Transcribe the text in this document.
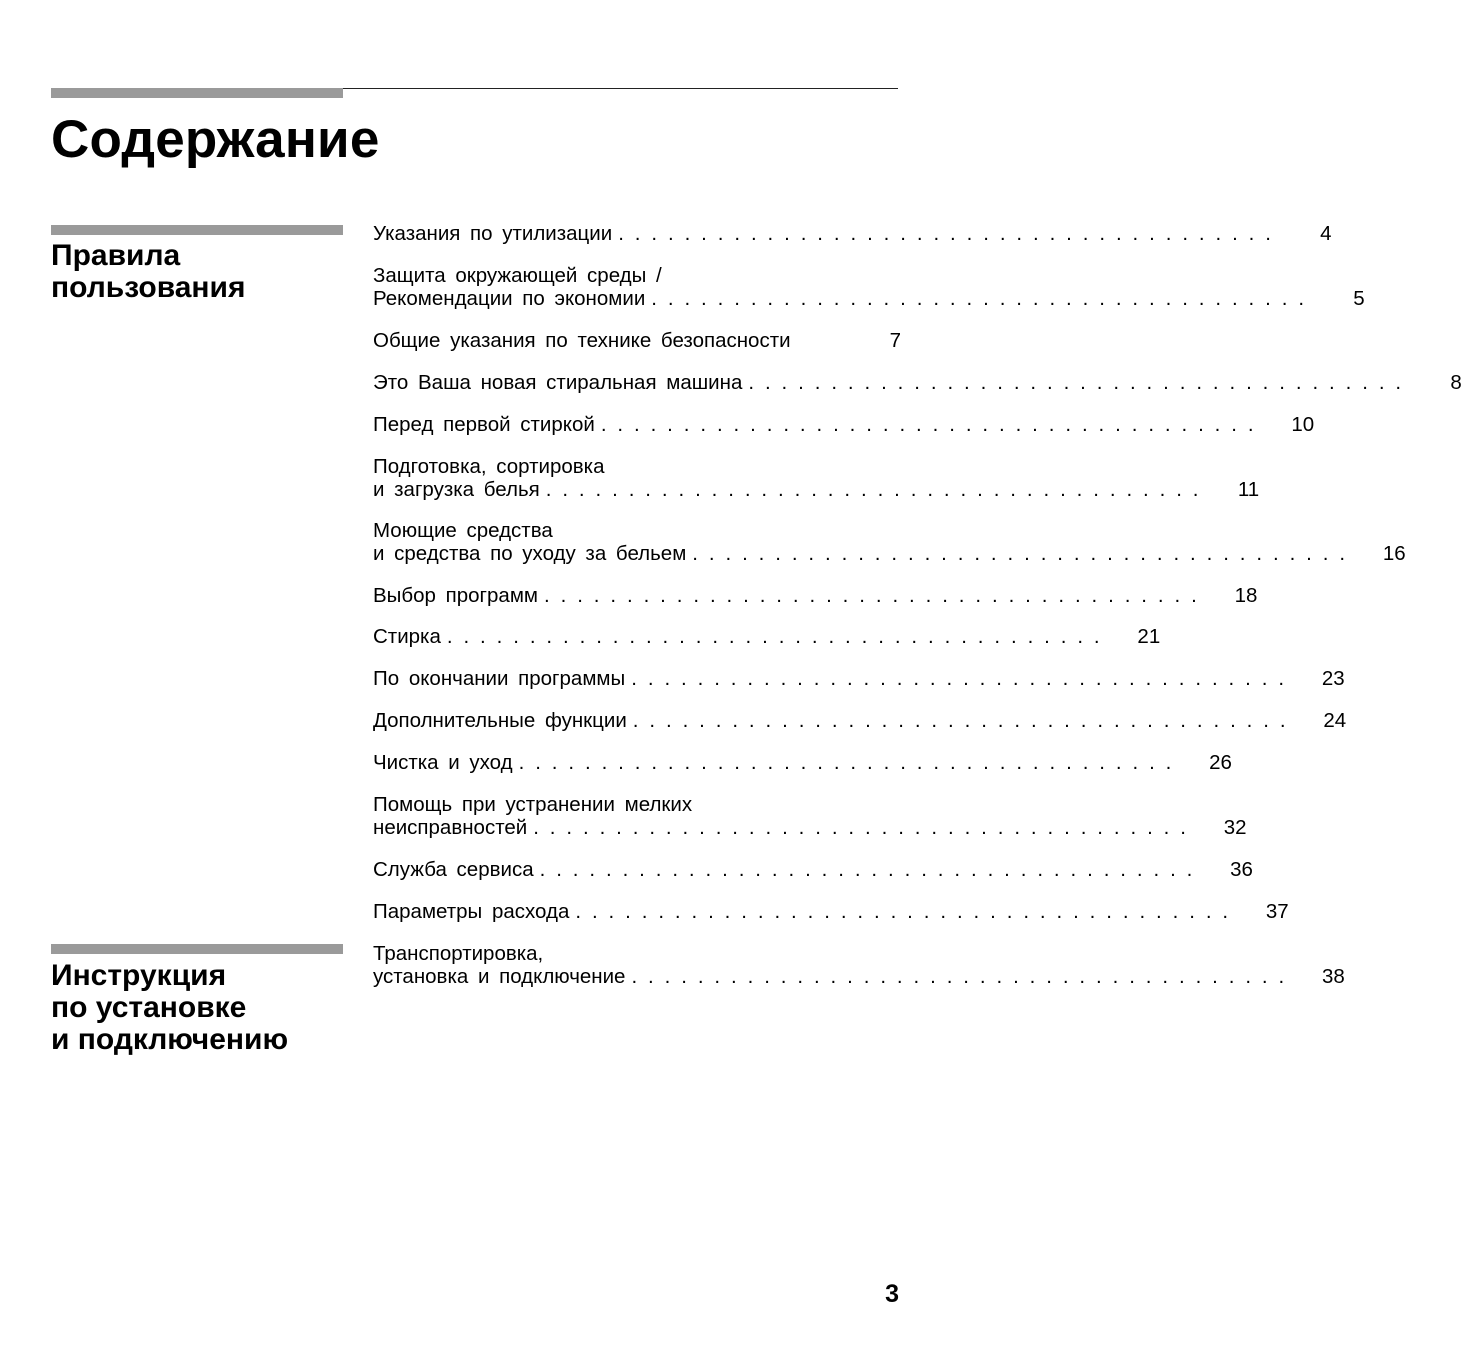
Содержание
Правила
пользования
Инструкция
по установке
и подключению
Указания по утилизации . . . . . . . . . . . . . . . . . . . . . . . . . . . . . . . . . . . . . . . .	4
Защита окружающей среды /
Рекомендации по экономии . . . . . . . . . . . . . . . . . . . . . . . . . . . . . . . . . . . . . . . .	5
Общие указания по технике безопасности	7
Это Ваша новая стиральная машина . . . . . . . . . . . . . . . . . . . . . . . . . . . . . . . . . . . . . . . .	8
Перед первой стиркой . . . . . . . . . . . . . . . . . . . . . . . . . . . . . . . . . . . . . . . .	10
Подготовка, сортировка
и загрузка белья . . . . . . . . . . . . . . . . . . . . . . . . . . . . . . . . . . . . . . . .	11
Моющие средства
и средства по уходу за бельем . . . . . . . . . . . . . . . . . . . . . . . . . . . . . . . . . . . . . . . .	16
Выбор программ . . . . . . . . . . . . . . . . . . . . . . . . . . . . . . . . . . . . . . . .	18
Стирка . . . . . . . . . . . . . . . . . . . . . . . . . . . . . . . . . . . . . . . .	21
По окончании программы . . . . . . . . . . . . . . . . . . . . . . . . . . . . . . . . . . . . . . . .	23
Дополнительные функции . . . . . . . . . . . . . . . . . . . . . . . . . . . . . . . . . . . . . . . .	24
Чистка и уход . . . . . . . . . . . . . . . . . . . . . . . . . . . . . . . . . . . . . . . .	26
Помощь при устранении мелких
неисправностей . . . . . . . . . . . . . . . . . . . . . . . . . . . . . . . . . . . . . . . .	32
Служба сервиса . . . . . . . . . . . . . . . . . . . . . . . . . . . . . . . . . . . . . . . .	36
Параметры расхода . . . . . . . . . . . . . . . . . . . . . . . . . . . . . . . . . . . . . . . .	37
Транспортировка,
установка и подключение . . . . . . . . . . . . . . . . . . . . . . . . . . . . . . . . . . . . . . . .	38
3
